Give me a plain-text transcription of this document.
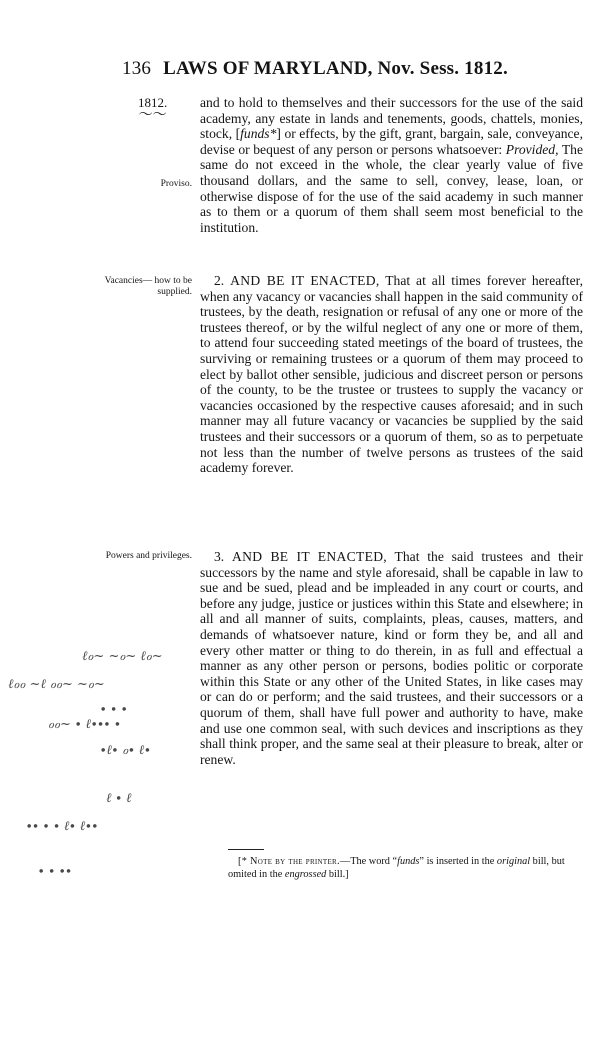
136 LAWS OF MARYLAND, Nov. Sess. 1812.
1812.
〜〜
Proviso.
Vacancies— how to be supplied.
Powers and privileges.
and to hold to themselves and their successors for the use of the said academy, any estate in lands and tenements, goods, chattels, monies, stock, [funds*] or effects, by the gift, grant, bargain, sale, conveyance, devise or bequest of any person or persons whatsoever: Provided, The same do not exceed in the whole, the clear yearly value of five thousand dollars, and the same to sell, convey, lease, loan, or otherwise dispose of for the use of the said academy in such manner as to them or a quorum of them shall seem most beneficial to the institution.
2. AND BE IT ENACTED, That at all times forever hereafter, when any vacancy or vacancies shall happen in the said community of trustees, by the death, resignation or refusal of any one or more of the trustees thereof, or by the wilful neglect of any one or more of them, to attend four succeeding stated meetings of the board of trustees, the surviving or remaining trustees or a quorum of them may proceed to elect by ballot other sensible, judicious and discreet person or persons of the county, to be the trustee or trustees to supply the vacancy or vacancies occasioned by the respective causes aforesaid; and in such manner may all future vacancy or vacancies be supplied by the said trustees and their successors or a quorum of them, so as to perpetuate not less than the number of twelve persons as trustees of the said academy forever.
3. AND BE IT ENACTED, That the said trustees and their successors by the name and style aforesaid, shall be capable in law to sue and be sued, plead and be impleaded in any court or courts, and before any judge, justice or justices within this State and elsewhere; in all and all manner of suits, complaints, pleas, causes, matters, and demands of whatsoever nature, kind or form they be, and all and every other matter or thing to do therein, in as full and effectual a manner as any other person or persons, bodies politic or corporate within this State or any other of the United States, in like cases may or can do or perform; and the said trustees, and their successors or a quorum of them, shall have full power and authority to have, make and use one common seal, with such devices and inscriptions as they shall think proper, and the same seal at their pleasure to break, alter or renew.
[* Note by the printer.—The word “funds” is inserted in the original bill, but omited in the engrossed bill.]
ℓℴ~ ~ℴ~ ℓℴ~
ℓℴℴ ~ℓ ℴℴ~ ~ℴ~
∙ ∙ ∙
ℴℴ~ ∙ ℓ∙∙∙ ∙
∙ℓ∙ ℴ∙ ℓ∙
ℓ ∙ ℓ
∙∙ ∙ ∙ ℓ∙ ℓ∙∙
∙ ∙ ∙∙
